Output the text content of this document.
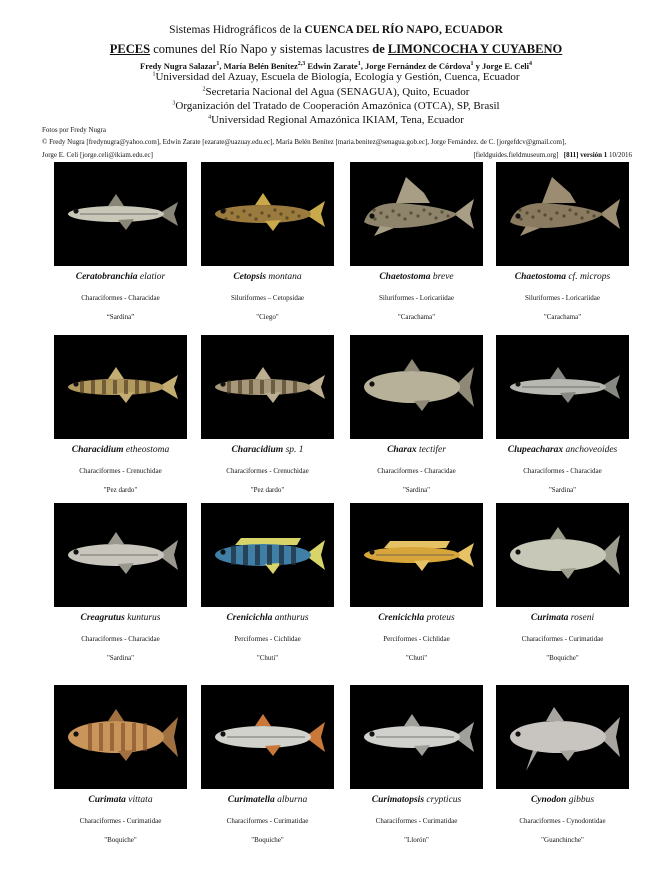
Sistemas Hidrográficos de la CUENCA DEL RÍO NAPO, ECUADOR
PECES comunes del Río Napo y sistemas lacustres de LIMONCOCHA Y CUYABENO
Fredy Nugra Salazar$^1$, María Belén Benítez$^{2,3}$ Edwin Zarate$^1$, Jorge Fernández de Córdova$^1$ y Jorge E. Celi$^4$
$^1$Universidad del Azuay, Escuela de Biología, Ecología y Gestión, Cuenca, Ecuador
$^2$Secretaria Nacional del Agua (SENAGUA), Quito, Ecuador
$^3$Organización del Tratado de Cooperación Amazónica (OTCA), SP, Brasil
$^4$Universidad Regional Amazónica IKIAM, Tena, Ecuador
Fotos por Fredy Nugra
© Fredy Nugra [fredynugra@yahoo.com], Edwin Zarate [ezarate@uazuay.edu.ec], María Belén Benítez [maria.benitez@senagua.gob.ec], Jorge Fernández. de C. [jorgefdcv@gmail.com],
Jorge E. Celi [jorge.celi@ikiam.edu.ec]	[fieldguides.fieldmuseum.org] [811] versión 1 10/2016
Ceratobranchia elatior
Characiformes - Characidae
“Sardina”
Cetopsis montana
Siluriformes – Cetopsidae
"Ciego"
Chaetostoma breve
Siluriformes - Loricariidae
"Carachama"
Chaetostoma cf. microps
Siluriformes - Loricariidae
"Carachama"
Characidium etheostoma
Characiformes - Crenuchidae
"Pez dardo"
Characidium sp. 1
Characiformes - Crenuchidae
"Pez dardo"
Charax tectifer
Characiformes - Characidae
"Sardina"
Clupeacharax anchoveoides
Characiformes - Characidae
"Sardina"
Creagrutus kunturus
Characiformes - Characidae
"Sardina"
Crenicichla anthurus
Perciformes - Cichlidae
"Chuti"
Crenicichla proteus
Perciformes - Cichlidae
"Chuti"
Curimata roseni
Characiformes - Curimatidae
"Boquiche"
Curimata vittata
Characiformes - Curimatidae
"Boquiche"
Curimatella alburna
Characiformes - Curimatidae
"Boquiche"
Curimatopsis crypticus
Characiformes - Curimatidae
"Llorón"
Cynodon gibbus
Characiformes - Cynodontidae
"Guanchinche"
